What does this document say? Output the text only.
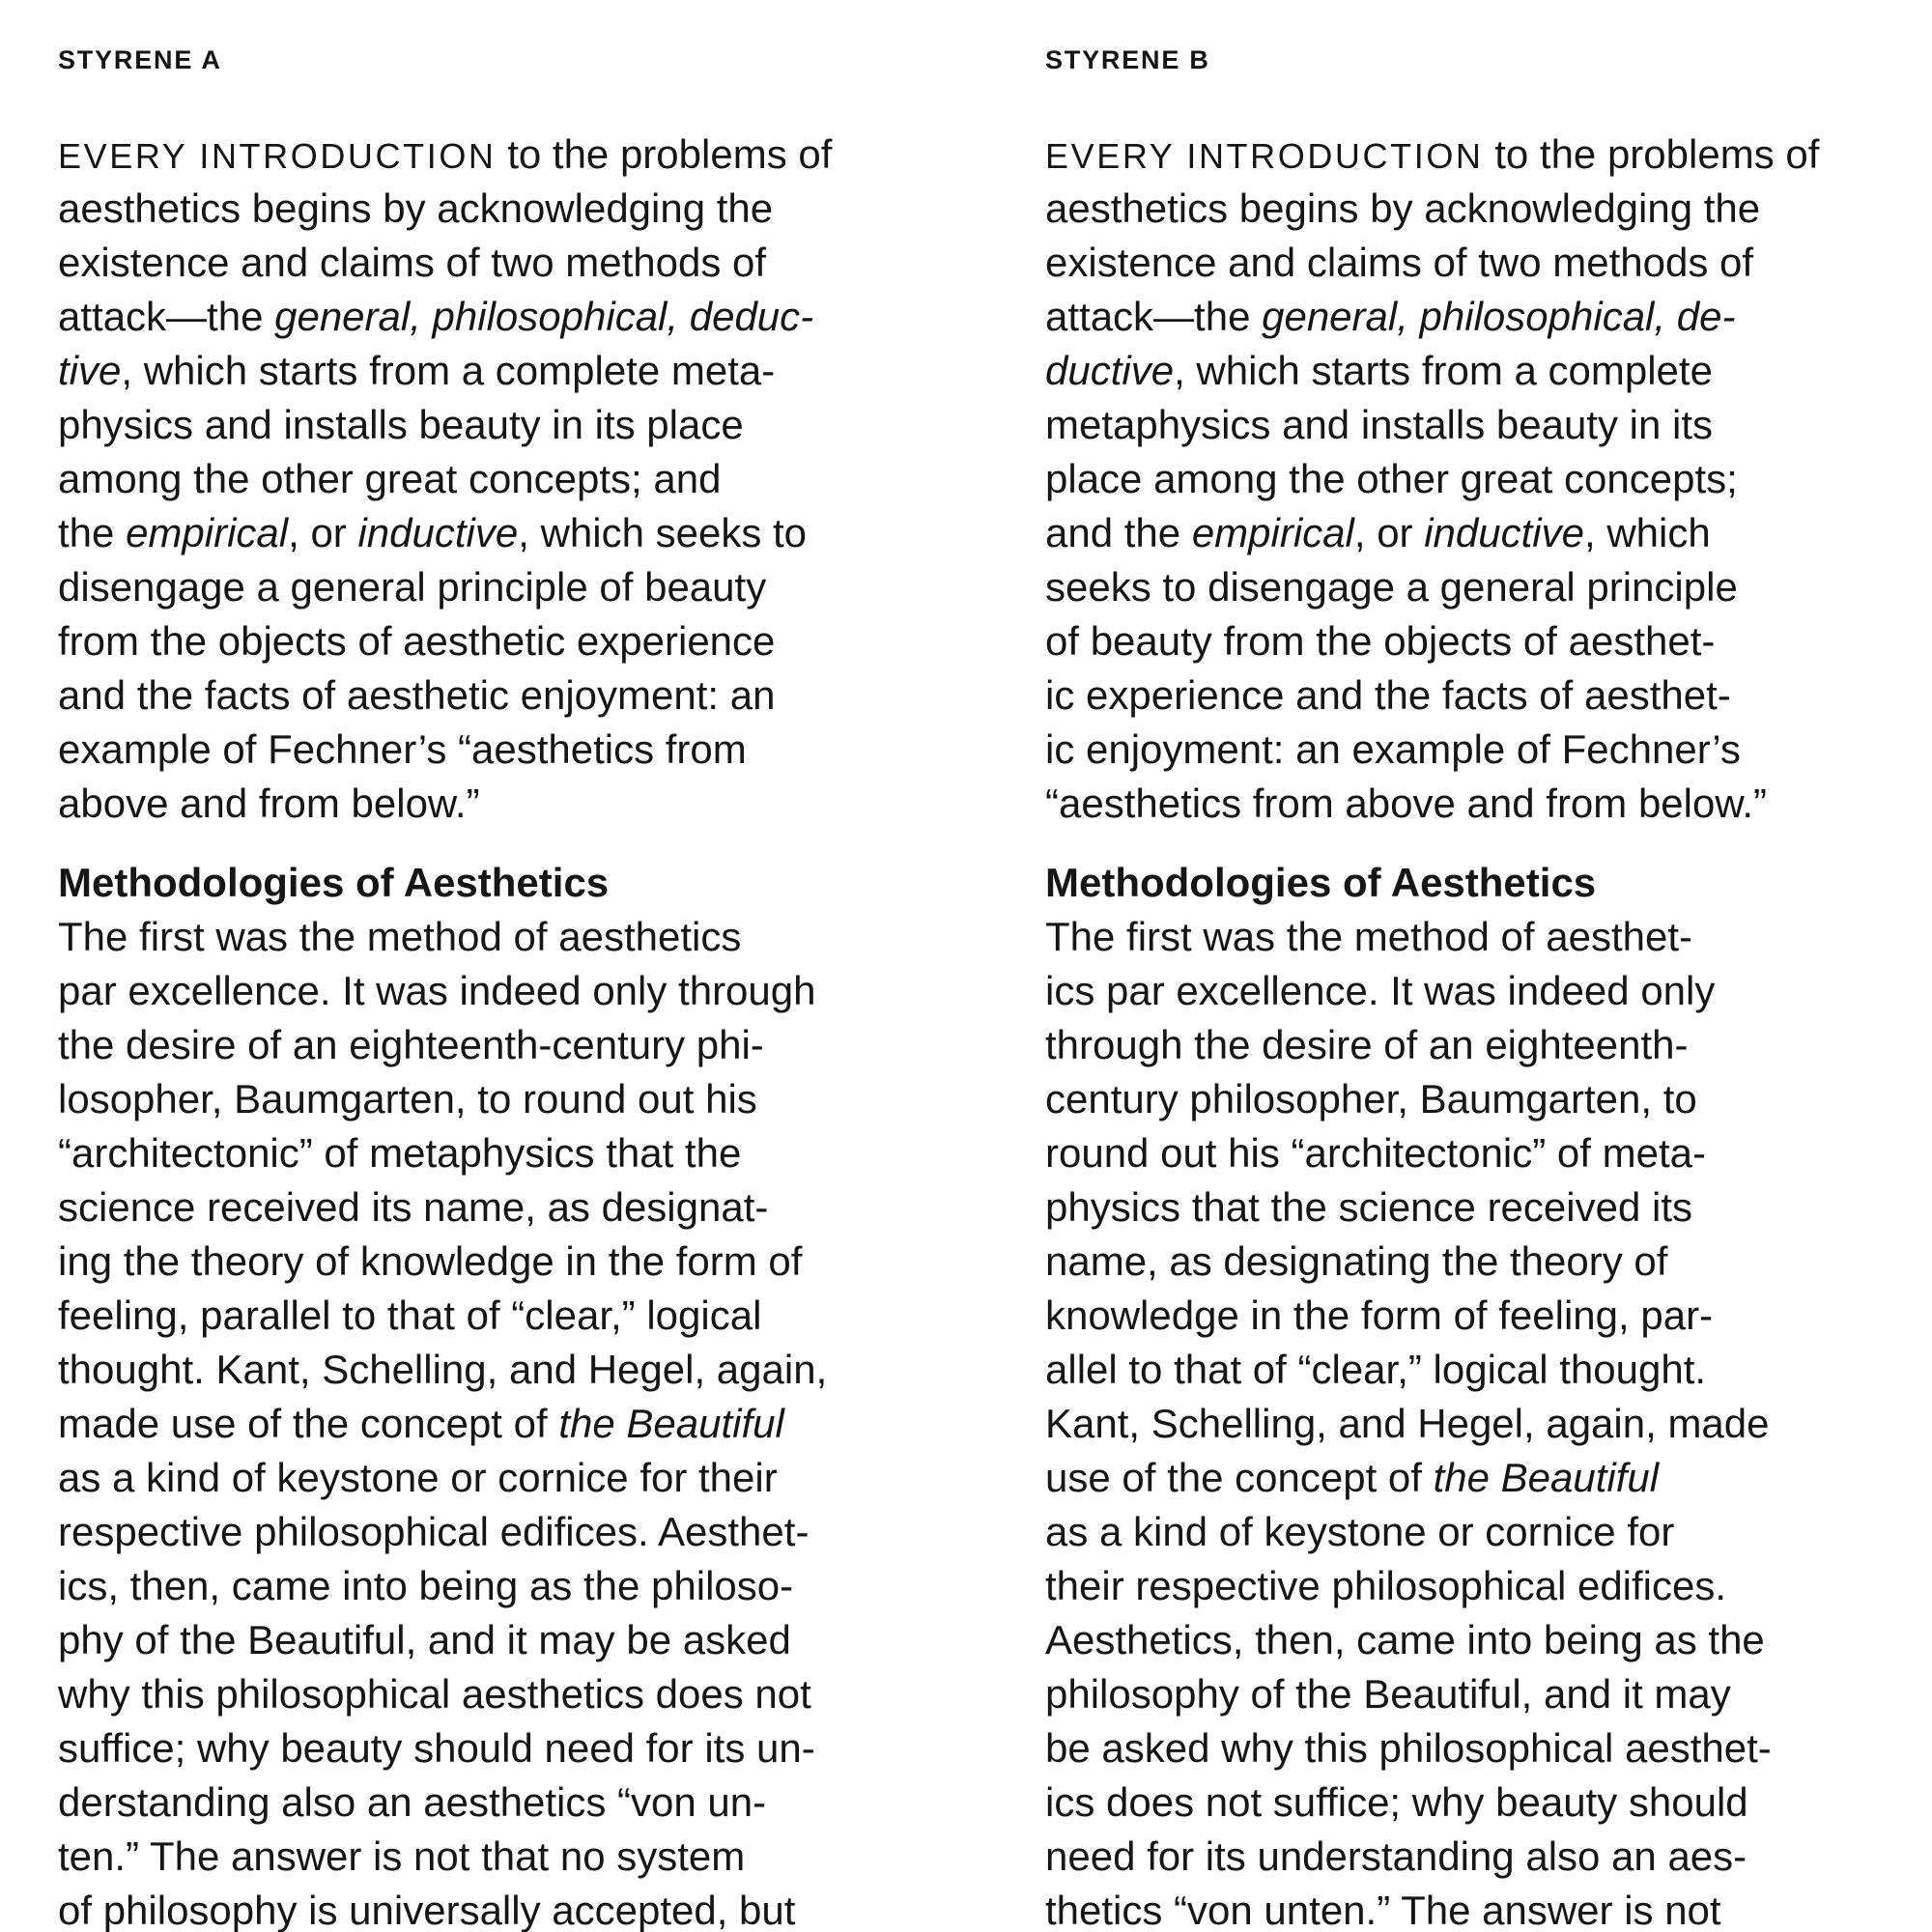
STYRENE A
EVERY INTRODUCTION to the problems of
aesthetics begins by acknowledging the
existence and claims of two methods of
attack—the general, philosophical, deduc-
tive, which starts from a complete meta-
physics and installs beauty in its place
among the other great concepts; and
the empirical, or inductive, which seeks to
disengage a general principle of beauty
from the objects of aesthetic experience
and the facts of aesthetic enjoyment: an
example of Fechner’s “aesthetics from
above and from below.”
Methodologies of Aesthetics
The first was the method of aesthetics
par excellence. It was indeed only through
the desire of an eighteenth-century phi-
losopher, Baumgarten, to round out his
“architectonic” of metaphysics that the
science received its name, as designat-
ing the theory of knowledge in the form of
feeling, parallel to that of “clear,” logical
thought. Kant, Schelling, and Hegel, again,
made use of the concept of the Beautiful
as a kind of keystone or cornice for their
respective philosophical edifices. Aesthet-
ics, then, came into being as the philoso-
phy of the Beautiful, and it may be asked
why this philosophical aesthetics does not
suffice; why beauty should need for its un-
derstanding also an aesthetics “von un-
ten.” The answer is not that no system
of philosophy is universally accepted, but
STYRENE B
EVERY INTRODUCTION to the problems of
aesthetics begins by acknowledging the
existence and claims of two methods of
attack—the general, philosophical, de-
ductive, which starts from a complete
metaphysics and installs beauty in its
place among the other great concepts;
and the empirical, or inductive, which
seeks to disengage a general principle
of beauty from the objects of aesthet-
ic experience and the facts of aesthet-
ic enjoyment: an example of Fechner’s
“aesthetics from above and from below.”
Methodologies of Aesthetics
The first was the method of aesthet-
ics par excellence. It was indeed only
through the desire of an eighteenth-
century philosopher, Baumgarten, to
round out his “architectonic” of meta-
physics that the science received its
name, as designating the theory of
knowledge in the form of feeling, par-
allel to that of “clear,” logical thought.
Kant, Schelling, and Hegel, again, made
use of the concept of the Beautiful
as a kind of keystone or cornice for
their respective philosophical edifices.
Aesthetics, then, came into being as the
philosophy of the Beautiful, and it may
be asked why this philosophical aesthet-
ics does not suffice; why beauty should
need for its understanding also an aes-
thetics “von unten.” The answer is not
